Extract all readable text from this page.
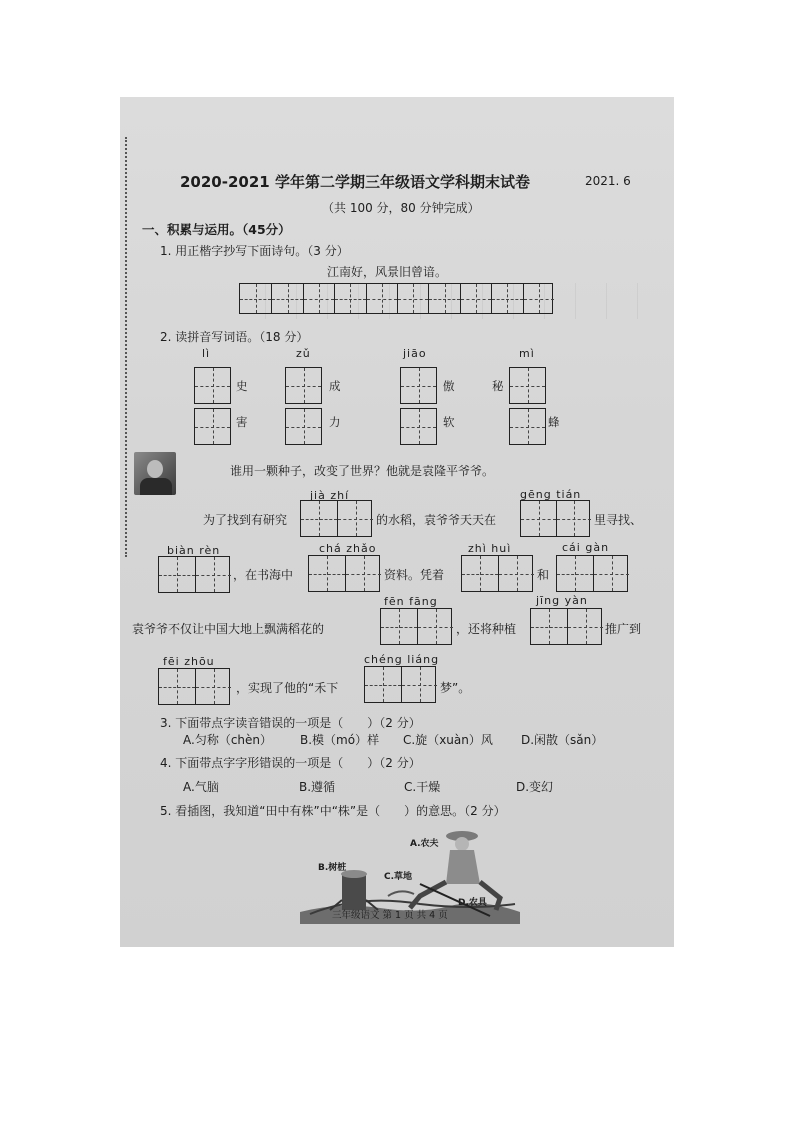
2020-2021 学年第二学期三年级语文学科期末试卷	2021. 6
（共 100 分，80 分钟完成）
一、积累与运用。（45分）
1. 用正楷字抄写下面诗句。（3 分）
江南好，风景旧曾谙。
2. 读拼音写词语。（18 分）
lì	zǔ	jiāo	mì
史	成	傲	秘
害	力	软	蜂
谁用一颗种子，改变了世界？他就是袁隆平爷爷。
jià zhí	gēng tián
为了找到有研究	的水稻，袁爷爷天天在	里寻找、
biàn rèn	chá zhǎo	zhì huì	cái gàn
，在书海中	资料。凭着	和
fēn fāng	jīng yàn
袁爷爷不仅让中国大地上飘满稻花的	，还将种植	推广到
fēi zhōu	chéng liáng
，实现了他的“禾下	梦”。
3. 下面带点字读音错误的一项是（　　）（2 分）
A.匀称（chèn） B.模（mó）样 C.旋（xuàn）风 D.闲散（sǎn）
4. 下面带点字字形错误的一项是（　　）（2 分）
A.气脑	B.遵循	C.干燥	D.变幻
5. 看插图，我知道“田中有株”中“株”是（　　）的意思。（2 分）
A.农夫
B.树桩
C.草地
D.农具
三年级语文 第 1 页 共 4 页
